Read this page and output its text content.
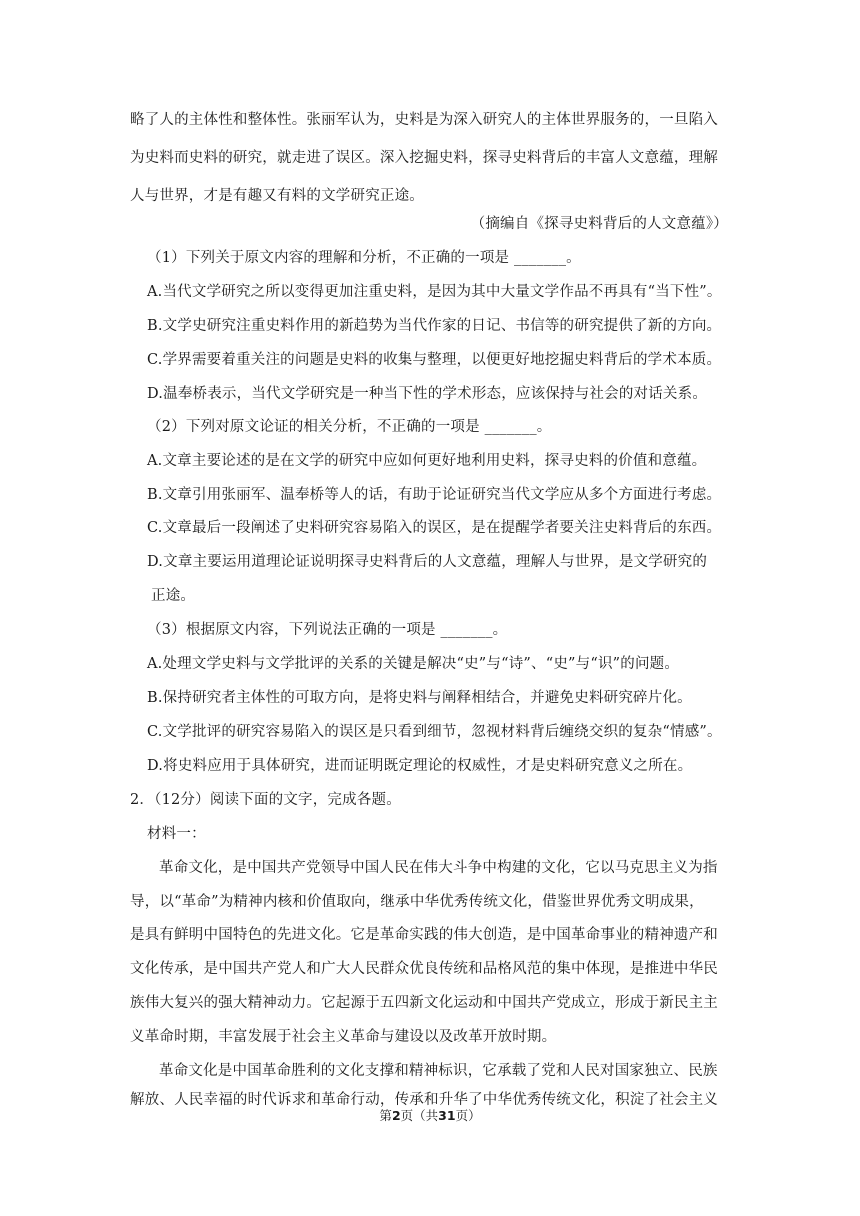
略了人的主体性和整体性。张丽军认为，史料是为深入研究人的主体世界服务的，一旦陷入
为史料而史料的研究，就走进了误区。深入挖掘史料，探寻史料背后的丰富人文意蕴，理解
人与世界，才是有趣又有料的文学研究正途。
（摘编自《探寻史料背后的人文意蕴》）
（1）下列关于原文内容的理解和分析，不正确的一项是 _______。
A.当代文学研究之所以变得更加注重史料，是因为其中大量文学作品不再具有“当下性”。
B.文学史研究注重史料作用的新趋势为当代作家的日记、书信等的研究提供了新的方向。
C.学界需要着重关注的问题是史料的收集与整理，以便更好地挖掘史料背后的学术本质。
D.温奉桥表示，当代文学研究是一种当下性的学术形态，应该保持与社会的对话关系。
（2）下列对原文论证的相关分析，不正确的一项是 _______。
A.文章主要论述的是在文学的研究中应如何更好地利用史料，探寻史料的价值和意蕴。
B.文章引用张丽军、温奉桥等人的话，有助于论证研究当代文学应从多个方面进行考虑。
C.文章最后一段阐述了史料研究容易陷入的误区，是在提醒学者要关注史料背后的东西。
D.文章主要运用道理论证说明探寻史料背后的人文意蕴，理解人与世界，是文学研究的
正途。
（3）根据原文内容，下列说法正确的一项是 _______。
A.处理文学史料与文学批评的关系的关键是解决“史”与“诗”、“史”与“识”的问题。
B.保持研究者主体性的可取方向，是将史料与阐释相结合，并避免史料研究碎片化。
C.文学批评的研究容易陷入的误区是只看到细节，忽视材料背后缠绕交织的复杂“情感”。
D.将史料应用于具体研究，进而证明既定理论的权威性，才是史料研究意义之所在。
2．（12分）阅读下面的文字，完成各题。
材料一：
革命文化，是中国共产党领导中国人民在伟大斗争中构建的文化，它以马克思主义为指
导，以“革命”为精神内核和价值取向，继承中华优秀传统文化，借鉴世界优秀文明成果，
是具有鲜明中国特色的先进文化。它是革命实践的伟大创造，是中国革命事业的精神遗产和
文化传承，是中国共产党人和广大人民群众优良传统和品格风范的集中体现，是推进中华民
族伟大复兴的强大精神动力。它起源于五四新文化运动和中国共产党成立，形成于新民主主
义革命时期，丰富发展于社会主义革命与建设以及改革开放时期。
革命文化是中国革命胜利的文化支撑和精神标识，它承载了党和人民对国家独立、民族
解放、人民幸福的时代诉求和革命行动，传承和升华了中华优秀传统文化，积淀了社会主义
第2页（共31页）
